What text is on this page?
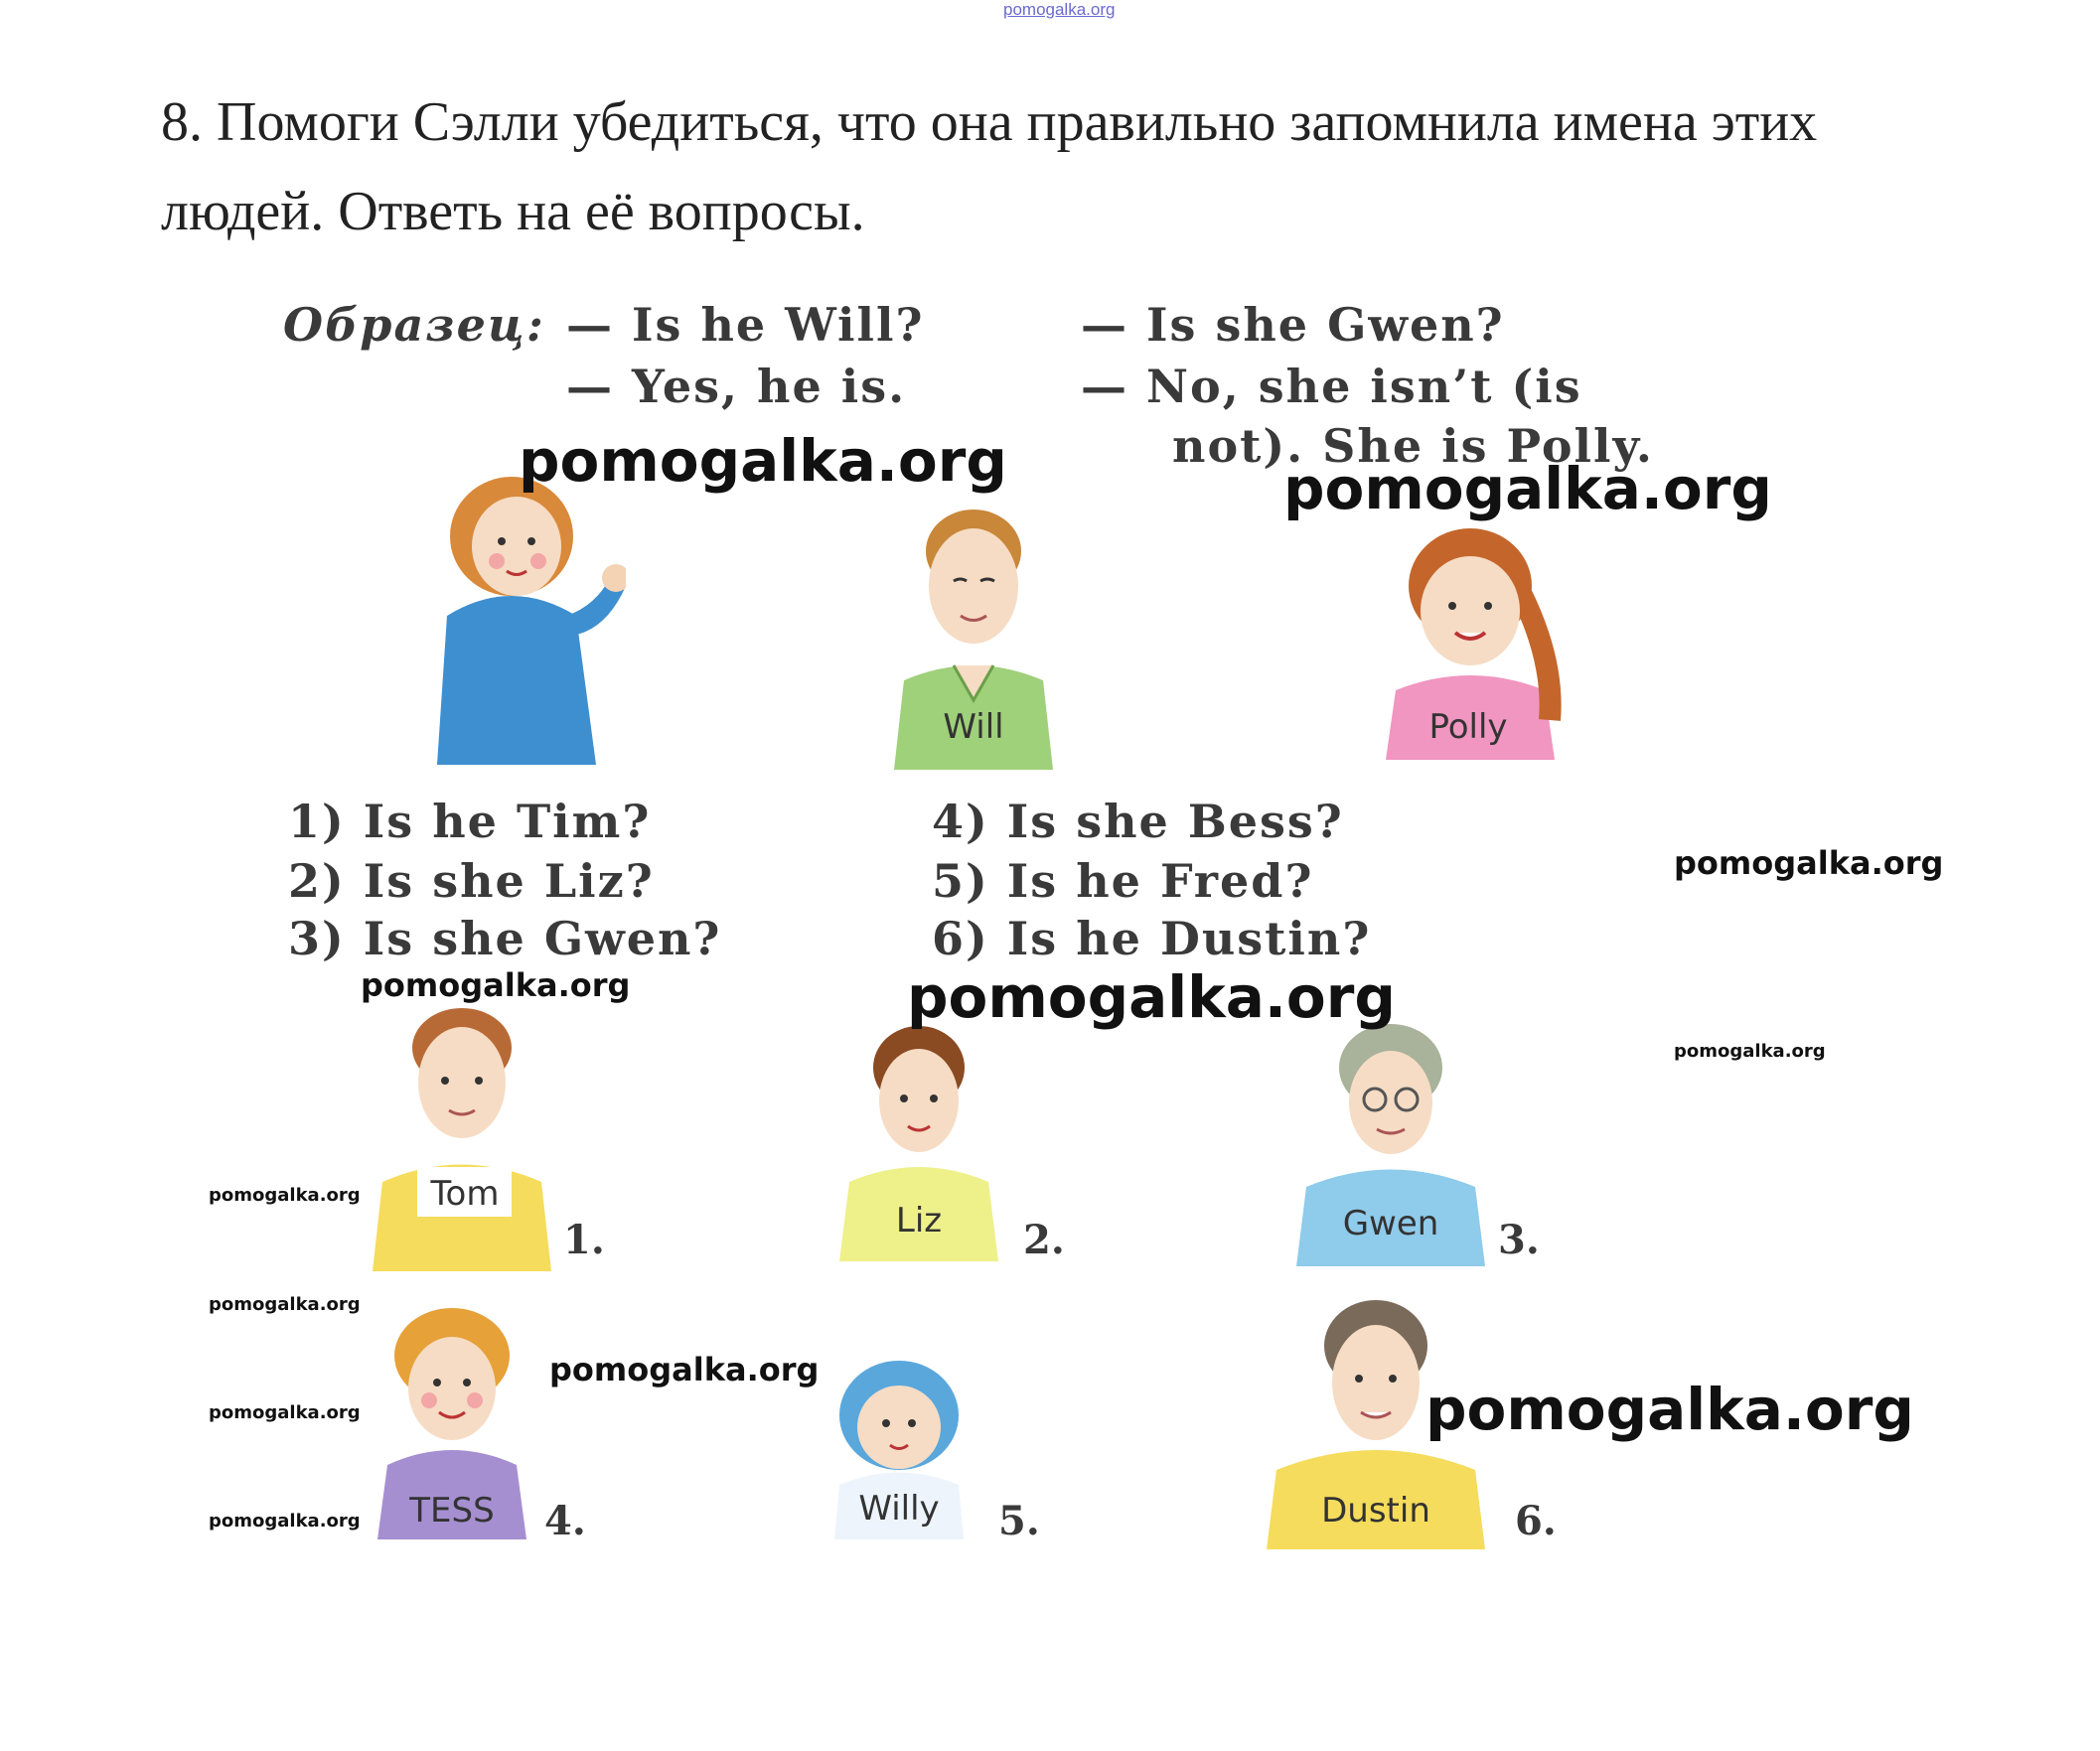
pomogalka.org
8. Помоги Сэлли убедиться, что она правильно запомнила имена этих
людей. Ответь на её вопросы.
Образец: — Is he Will?
— Yes, he is.
— Is she Gwen?
— No, she isn’t (is
not). She is Polly.
Will	Polly
1) Is he Tim?
2) Is she Liz?
3) Is she Gwen?
4) Is she Bess?
5) Is he Fred?
6) Is he Dustin?
Tom
1.	Liz 2.	Gwen 3.
TESS 4.	Willy 5.	Dustin 6.
pomogalka.org	pomogalka.org
pomogalka.org
pomogalka.org
pomogalka.org
pomogalka.org
pomogalka.org
pomogalka.org
pomogalka.org
pomogalka.org
pomogalka.org
pomogalka.org
